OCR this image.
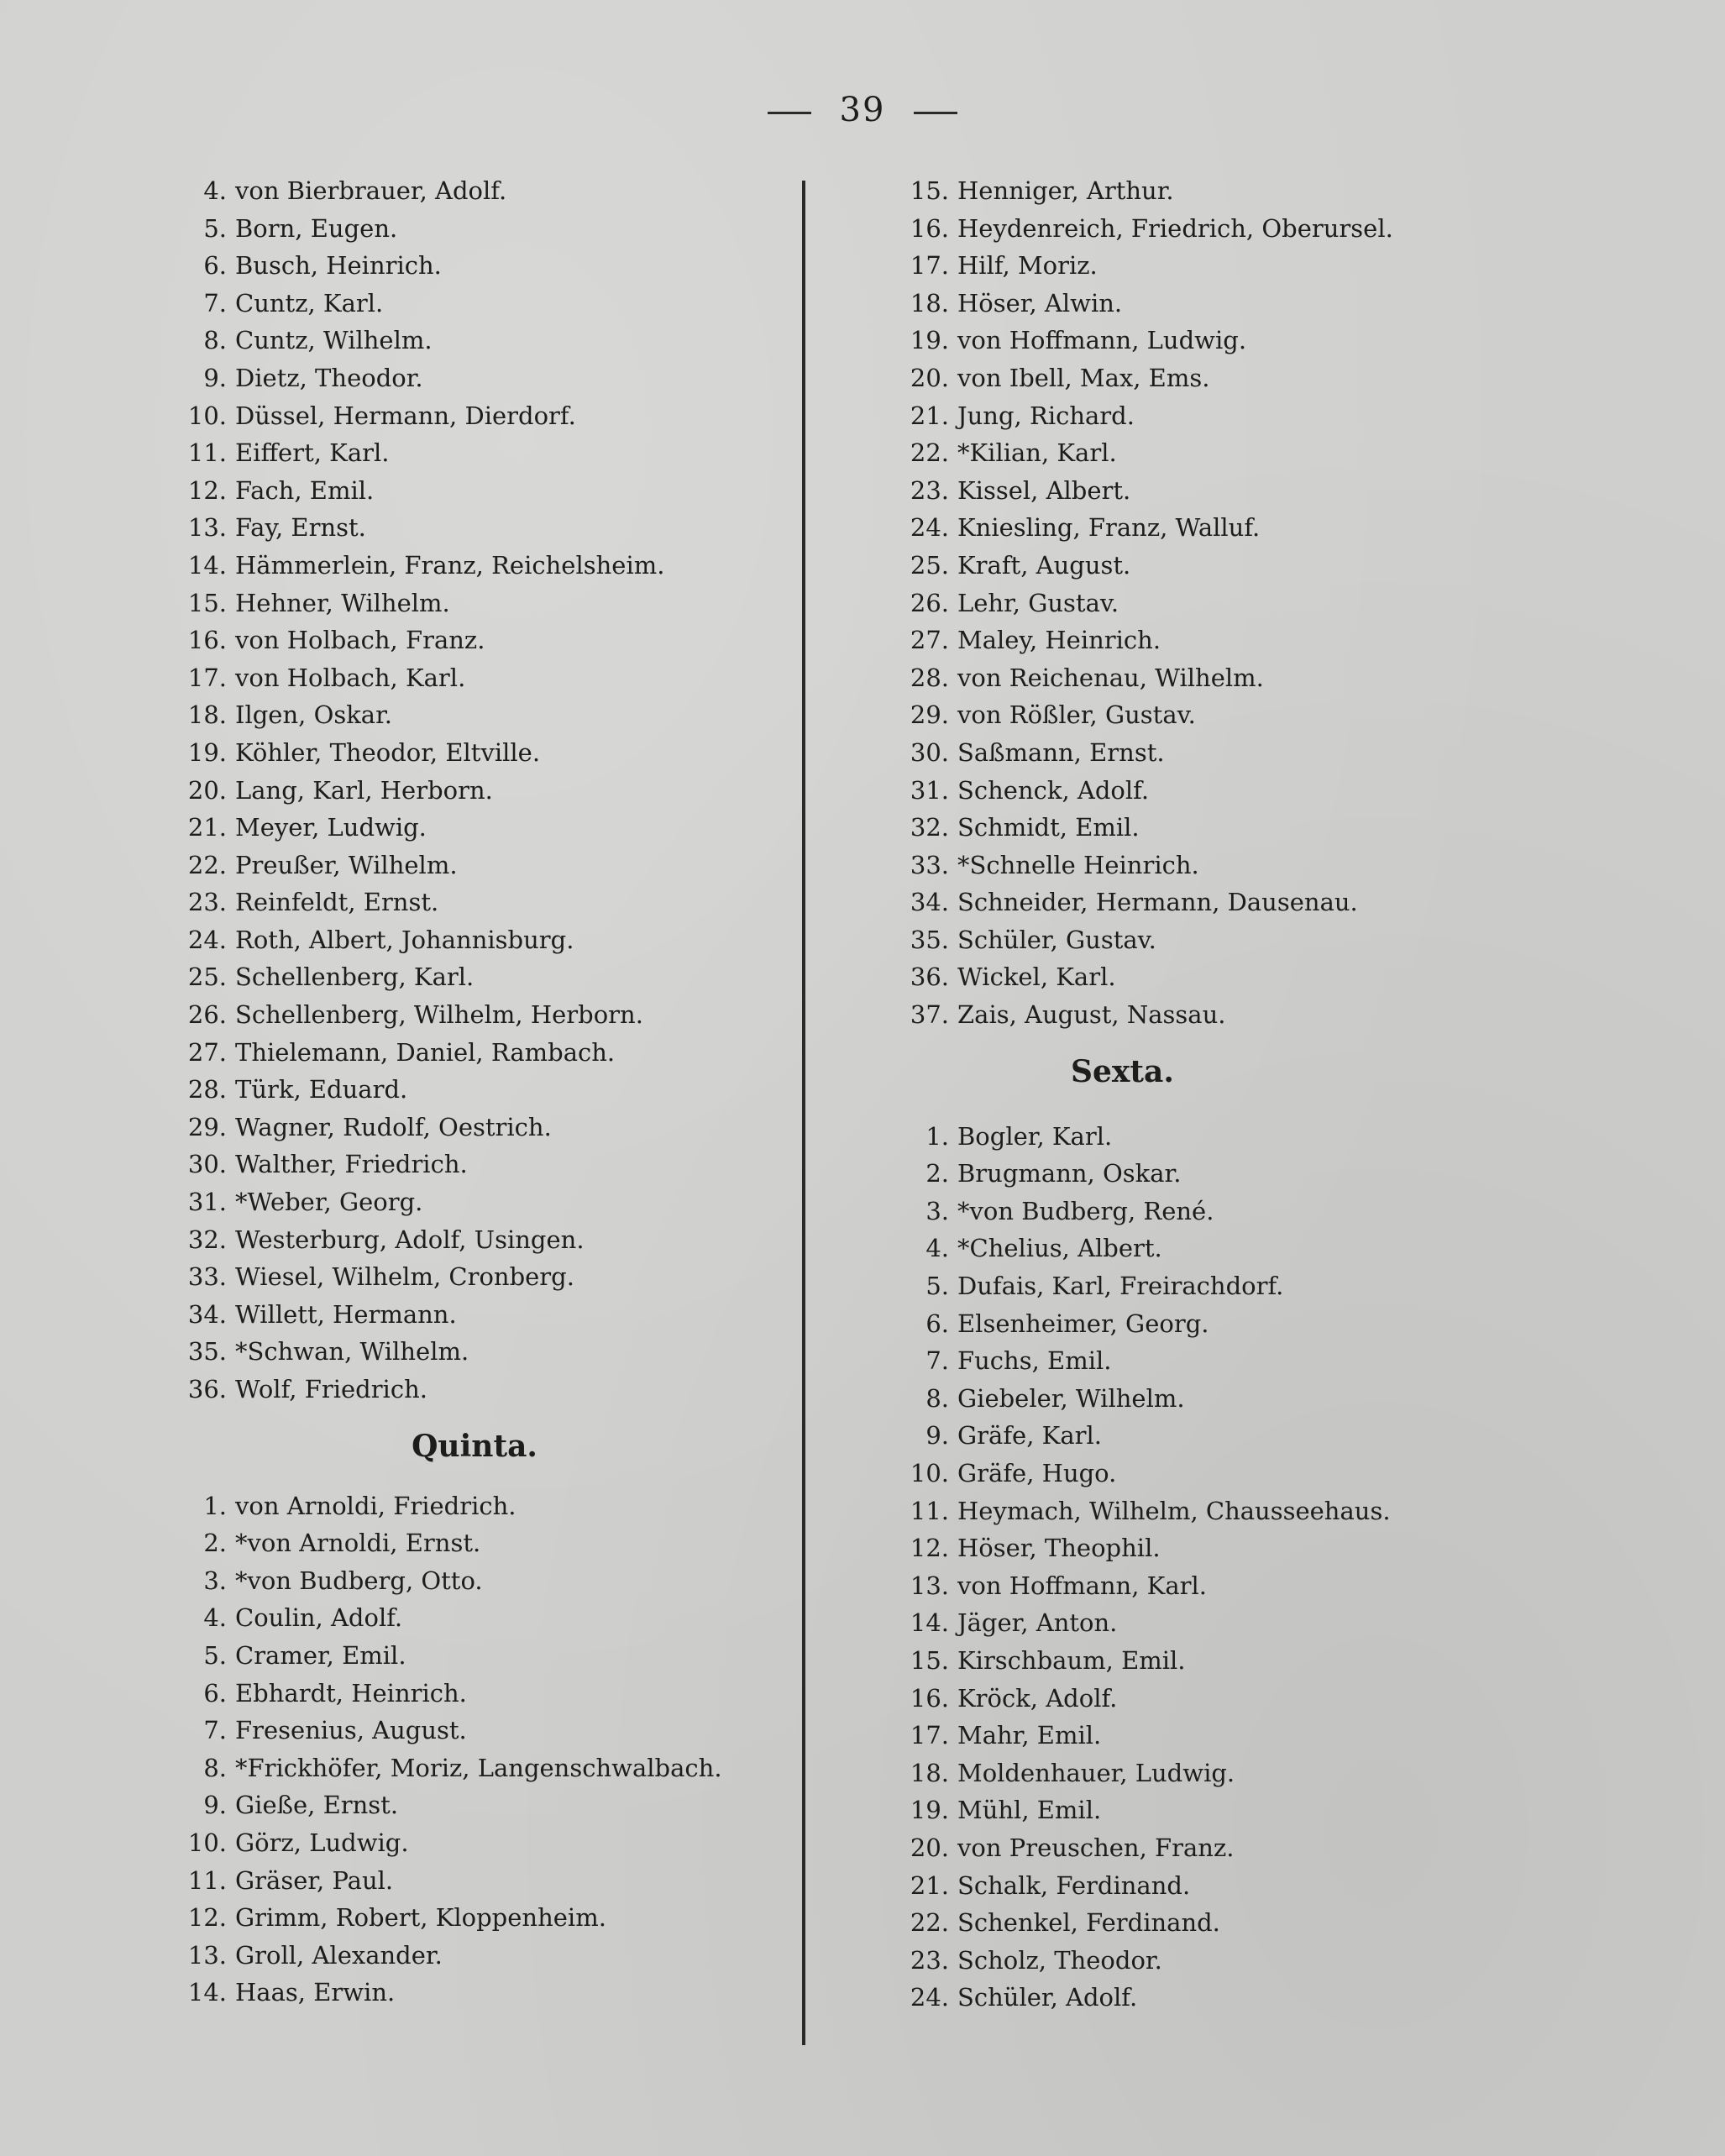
39
4. von Bierbrauer, Adolf.
5. Born, Eugen.
6. Busch, Heinrich.
7. Cuntz, Karl.
8. Cuntz, Wilhelm.
9. Dietz, Theodor.
10. Düssel, Hermann, Dierdorf.
11. Eiffert, Karl.
12. Fach, Emil.
13. Fay, Ernst.
14. Hämmerlein, Franz, Reichelsheim.
15. Hehner, Wilhelm.
16. von Holbach, Franz.
17. von Holbach, Karl.
18. Ilgen, Oskar.
19. Köhler, Theodor, Eltville.
20. Lang, Karl, Herborn.
21. Meyer, Ludwig.
22. Preußer, Wilhelm.
23. Reinfeldt, Ernst.
24. Roth, Albert, Johannisburg.
25. Schellenberg, Karl.
26. Schellenberg, Wilhelm, Herborn.
27. Thielemann, Daniel, Rambach.
28. Türk, Eduard.
29. Wagner, Rudolf, Oestrich.
30. Walther, Friedrich.
31. *Weber, Georg.
32. Westerburg, Adolf, Usingen.
33. Wiesel, Wilhelm, Cronberg.
34. Willett, Hermann.
35. *Schwan, Wilhelm.
36. Wolf, Friedrich.
Quinta.
1. von Arnoldi, Friedrich.
2. *von Arnoldi, Ernst.
3. *von Budberg, Otto.
4. Coulin, Adolf.
5. Cramer, Emil.
6. Ebhardt, Heinrich.
7. Fresenius, August.
8. *Frickhöfer, Moriz, Langenschwalbach.
9. Gieße, Ernst.
10. Görz, Ludwig.
11. Gräser, Paul.
12. Grimm, Robert, Kloppenheim.
13. Groll, Alexander.
14. Haas, Erwin.
15. Henniger, Arthur.
16. Heydenreich, Friedrich, Oberursel.
17. Hilf, Moriz.
18. Höser, Alwin.
19. von Hoffmann, Ludwig.
20. von Ibell, Max, Ems.
21. Jung, Richard.
22. *Kilian, Karl.
23. Kissel, Albert.
24. Kniesling, Franz, Walluf.
25. Kraft, August.
26. Lehr, Gustav.
27. Maley, Heinrich.
28. von Reichenau, Wilhelm.
29. von Rößler, Gustav.
30. Saßmann, Ernst.
31. Schenck, Adolf.
32. Schmidt, Emil.
33. *Schnelle Heinrich.
34. Schneider, Hermann, Dausenau.
35. Schüler, Gustav.
36. Wickel, Karl.
37. Zais, August, Nassau.
Sexta.
1. Bogler, Karl.
2. Brugmann, Oskar.
3. *von Budberg, René.
4. *Chelius, Albert.
5. Dufais, Karl, Freirachdorf.
6. Elsenheimer, Georg.
7. Fuchs, Emil.
8. Giebeler, Wilhelm.
9. Gräfe, Karl.
10. Gräfe, Hugo.
11. Heymach, Wilhelm, Chausseehaus.
12. Höser, Theophil.
13. von Hoffmann, Karl.
14. Jäger, Anton.
15. Kirschbaum, Emil.
16. Kröck, Adolf.
17. Mahr, Emil.
18. Moldenhauer, Ludwig.
19. Mühl, Emil.
20. von Preuschen, Franz.
21. Schalk, Ferdinand.
22. Schenkel, Ferdinand.
23. Scholz, Theodor.
24. Schüler, Adolf.
